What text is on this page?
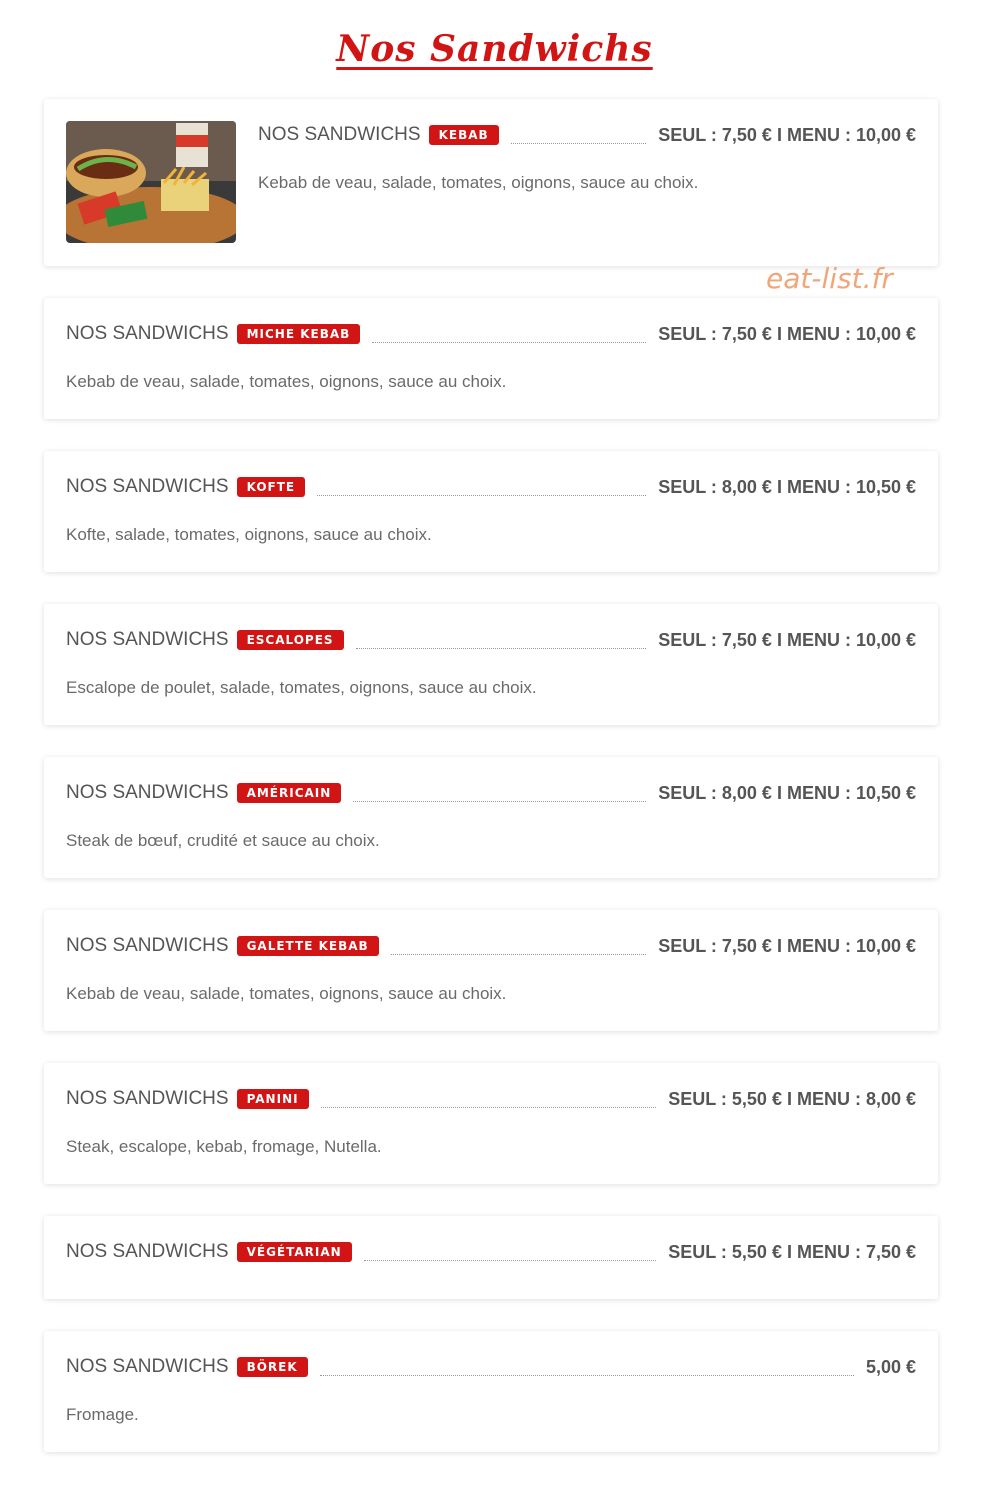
Nos Sandwichs
NOS SANDWICHS	KEBAB	SEUL : 7,50 € I MENU : 10,00 €
Kebab de veau, salade, tomates, oignons, sauce au choix.
eat-list.fr
NOS SANDWICHS	MICHE KEBAB	SEUL : 7,50 € I MENU : 10,00 €
Kebab de veau, salade, tomates, oignons, sauce au choix.
NOS SANDWICHS	KOFTE	SEUL : 8,00 € I MENU : 10,50 €
Kofte, salade, tomates, oignons, sauce au choix.
NOS SANDWICHS	ESCALOPES	SEUL : 7,50 € I MENU : 10,00 €
Escalope de poulet, salade, tomates, oignons, sauce au choix.
NOS SANDWICHS	AMÉRICAIN	SEUL : 8,00 € I MENU : 10,50 €
Steak de bœuf, crudité et sauce au choix.
NOS SANDWICHS	GALETTE KEBAB	SEUL : 7,50 € I MENU : 10,00 €
Kebab de veau, salade, tomates, oignons, sauce au choix.
NOS SANDWICHS	PANINI	SEUL : 5,50 € I MENU : 8,00 €
Steak, escalope, kebab, fromage, Nutella.
NOS SANDWICHS	VÉGÉTARIAN	SEUL : 5,50 € I MENU : 7,50 €
NOS SANDWICHS	BÖREK	5,00 €
Fromage.
